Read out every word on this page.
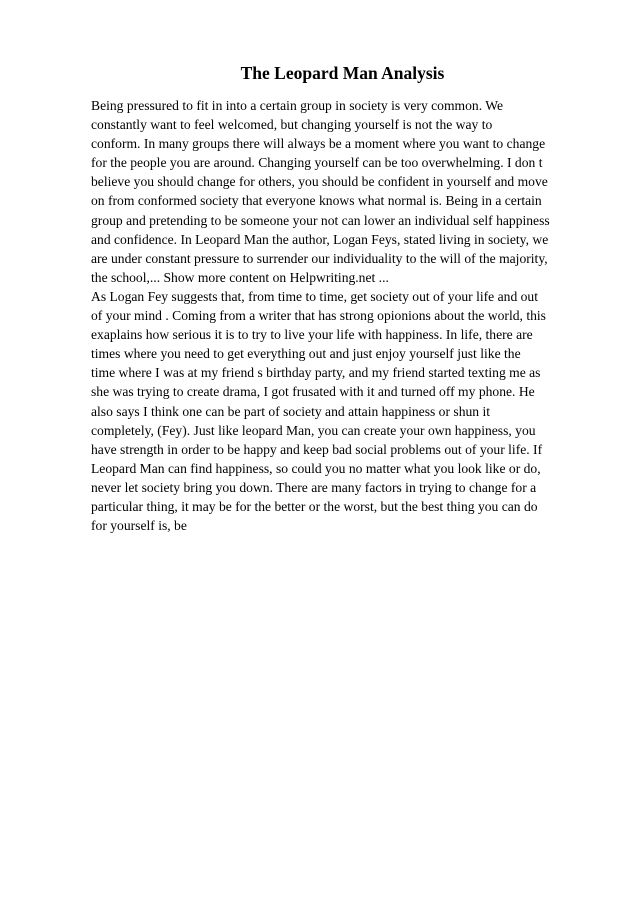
The Leopard Man Analysis
Being pressured to fit in into a certain group in society is very common. We
constantly want to feel welcomed, but changing yourself is not the way to
conform. In many groups there will always be a moment where you want to change
for the people you are around. Changing yourself can be too overwhelming. I don t
believe you should change for others, you should be confident in yourself and move
on from conformed society that everyone knows what normal is. Being in a certain
group and pretending to be someone your not can lower an individual self happiness
and confidence. In Leopard Man the author, Logan Feys, stated living in society, we
are under constant pressure to surrender our individuality to the will of the majority,
the school,... Show more content on Helpwriting.net ...
As Logan Fey suggests that, from time to time, get society out of your life and out
of your mind . Coming from a writer that has strong opionions about the world, this
exaplains how serious it is to try to live your life with happiness. In life, there are
times where you need to get everything out and just enjoy yourself just like the
time where I was at my friend s birthday party, and my friend started texting me as
she was trying to create drama, I got frusated with it and turned off my phone. He
also says I think one can be part of society and attain happiness or shun it
completely, (Fey). Just like leopard Man, you can create your own happiness, you
have strength in order to be happy and keep bad social problems out of your life. If
Leopard Man can find happiness, so could you no matter what you look like or do,
never let society bring you down. There are many factors in trying to change for a
particular thing, it may be for the better or the worst, but the best thing you can do
for yourself is, be
